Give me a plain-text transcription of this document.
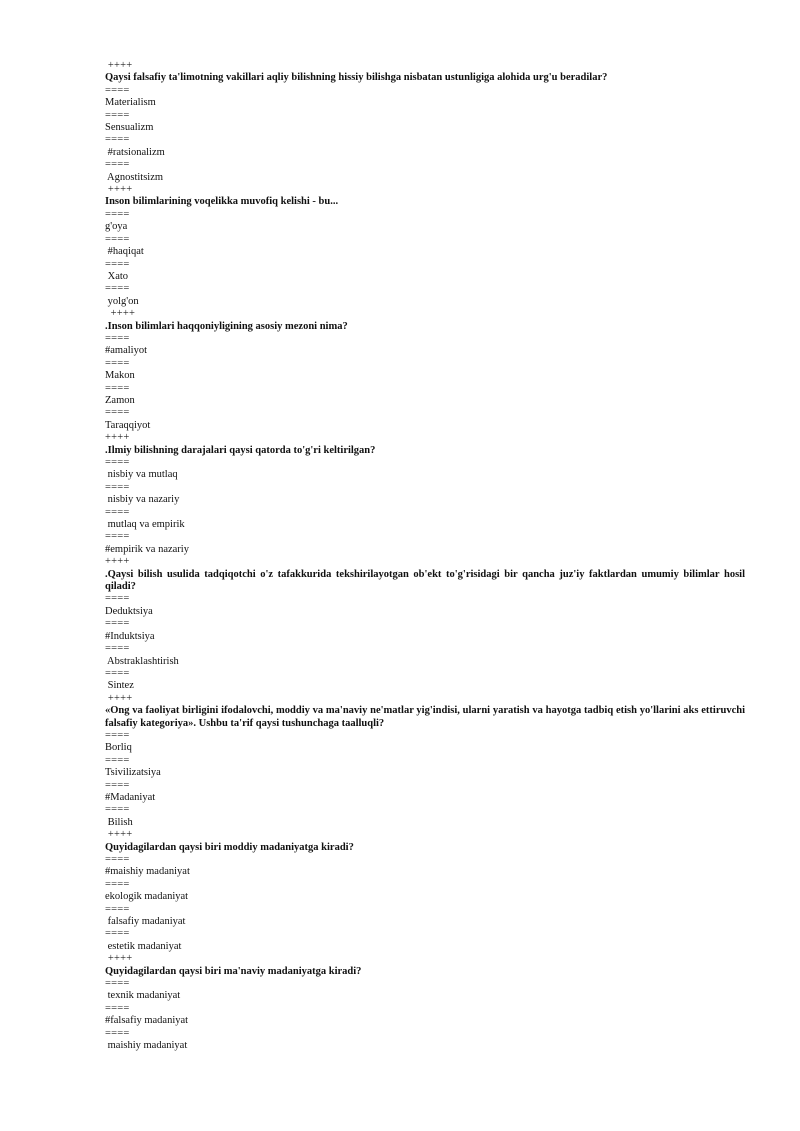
++++
Qaysi falsafiy ta'limotning vakillari aqliy bilishning hissiy bilishga nisbatan ustunligiga alohida urg'u beradilar?
====
Materialism
====
Sensualizm
====
#ratsionalizm
====
Agnostitsizm
++++
Inson bilimlarining voqelikka muvofiq kelishi - bu...
====
g'oya
====
#haqiqat
====
Xato
====
yolg'on
++++
.Inson bilimlari haqqoniyligining asosiy mezoni nima?
====
#amaliyot
====
Makon
====
Zamon
====
Taraqqiyot
++++
.Ilmiy bilishning darajalari qaysi qatorda to'g'ri keltirilgan?
====
nisbiy va mutlaq
====
nisbiy va nazariy
====
mutlaq va empirik
====
#empirik va nazariy
++++
.Qaysi bilish usulida tadqiqotchi o'z tafakkurida tekshirilayotgan ob'ekt to'g'risidagi bir qancha juz'iy faktlardan umumiy bilimlar hosil qiladi?
====
Deduktsiya
====
#Induktsiya
====
Abstraklashtirish
====
Sintez
++++
«Ong va faoliyat birligini ifodalovchi, moddiy va ma'naviy ne'matlar yig'indisi, ularni yaratish va hayotga tadbiq etish yo'llarini aks ettiruvchi falsafiy kategoriya». Ushbu ta'rif qaysi tushunchaga taalluqli?
====
Borliq
====
Tsivilizatsiya
====
#Madaniyat
====
Bilish
++++
Quyidagilardan qaysi biri moddiy madaniyatga kiradi?
====
#maishiy madaniyat
====
ekologik madaniyat
====
falsafiy madaniyat
====
estetik madaniyat
++++
Quyidagilardan qaysi biri ma'naviy madaniyatga kiradi?
====
texnik madaniyat
====
#falsafiy madaniyat
====
maishiy madaniyat
